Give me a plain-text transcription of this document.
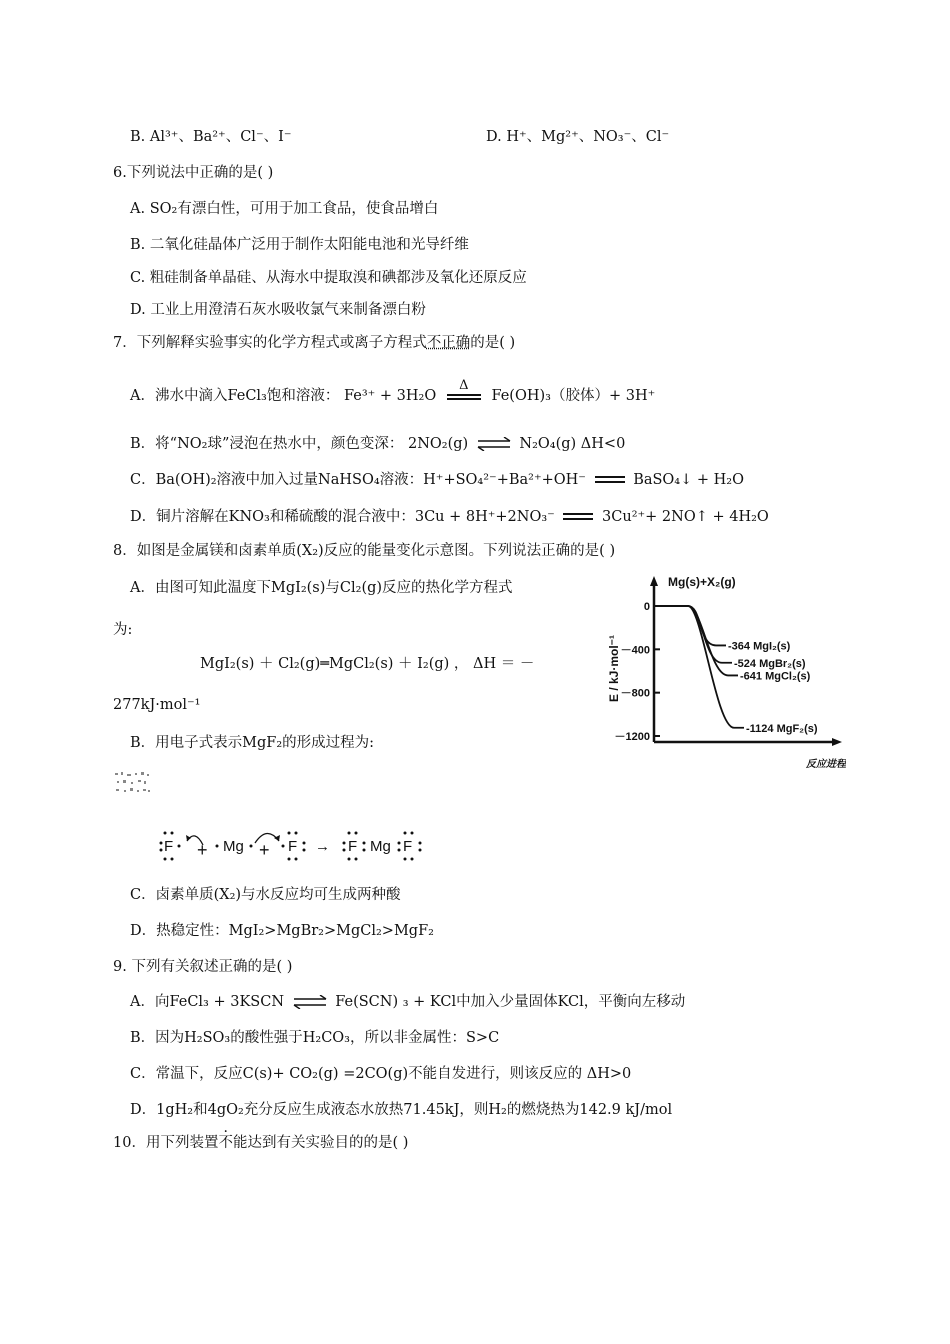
B. Al³⁺、Ba²⁺、Cl⁻、I⁻	D. H⁺、Mg²⁺、NO₃⁻、Cl⁻
6.下列说法中正确的是( )
A. SO₂有漂白性，可用于加工食品，使食品增白
B. 二氧化硅晶体广泛用于制作太阳能电池和光导纤维
C. 粗硅制备单晶硅、从海水中提取溴和碘都涉及氧化还原反应
D. 工业上用澄清石灰水吸收氯气来制备漂白粉
7．下列解释实验事实的化学方程式或离子方程式不正确的是( )
A．沸水中滴入FeCl₃饱和溶液： Fe³⁺ + 3H₂O
Δ
Fe(OH)₃（胶体）+ 3H⁺
B．将“NO₂球”浸泡在热水中，颜色变深： 2NO₂(g) ⇌ N₂O₄(g) ΔH<0
C．Ba(OH)₂溶液中加入过量NaHSO₄溶液：H⁺+SO₄²⁻+Ba²⁺+OH⁻	BaSO₄↓ + H₂O
D．铜片溶解在KNO₃和稀硫酸的混合液中：3Cu + 8H⁺+2NO₃⁻	3Cu²⁺+ 2NO↑ + 4H₂O
8．如图是金属镁和卤素单质(X₂)反应的能量变化示意图。下列说法正确的是( )
A．由图可知此温度下MgI₂(s)与Cl₂(g)反应的热化学方程式
为:
MgI₂(s) ＋ Cl₂(g)═MgCl₂(s) ＋ I₂(g) ， ΔH ＝ －
277kJ·mol⁻¹
B．用电子式表示MgF₂的形成过程为:
F + Mg + F → F Mg F
C．卤素单质(X₂)与水反应均可生成两种酸
D．热稳定性：MgI₂>MgBr₂>MgCl₂>MgF₂
Mg(s)+X₂(g)
E / kJ·mol⁻¹
反应进程
0
－400
－800
－1200
-364 MgI₂(s)
-524 MgBr₂(s)
-641 MgCl₂(s)
-1124 MgF₂(s)
9. 下列有关叙述正确的是( )
A．向FeCl₃ + 3KSCN ⇌ Fe(SCN) ₃ + KCl中加入少量固体KCl，平衡向左移动
B．因为H₂SO₃的酸性强于H₂CO₃，所以非金属性：S>C
C．常温下，反应C(s)+ CO₂(g) =2CO(g)不能自发进行，则该反应的 ΔH>0
D．1gH₂和4gO₂充分反应生成液态水放热71.45kJ，则H₂的燃烧热为142.9 kJ/mol
10．用下列装置不能达到有关实验目的的是( )
